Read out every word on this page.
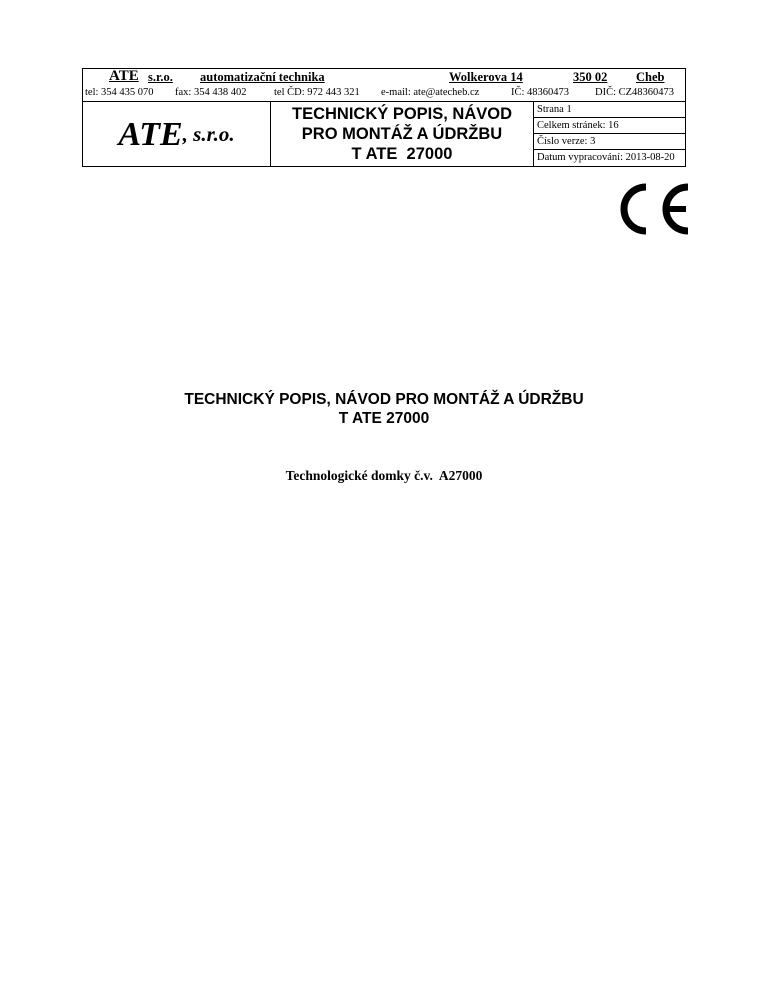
ATE s.r.o. automatizační technika	Wolkerova 14	350 02 Cheb
tel: 354 435 070 fax: 354 438 402	tel ČD: 972 443 321 e-mail: ate@atecheb.cz	IČ: 48360473 DIČ: CZ48360473
ATE , s.r.o.
TECHNICKÝ POPIS, NÁVOD
PRO MONTÁŽ A ÚDRŽBU
T ATE  27000
Strana 1
Celkem stránek: 16
Číslo verze: 3
Datum vypracování: 2013-08-20
TECHNICKÝ POPIS, NÁVOD PRO MONTÁŽ A ÚDRŽBU
T ATE 27000
Technologické domky č.v.  A27000
